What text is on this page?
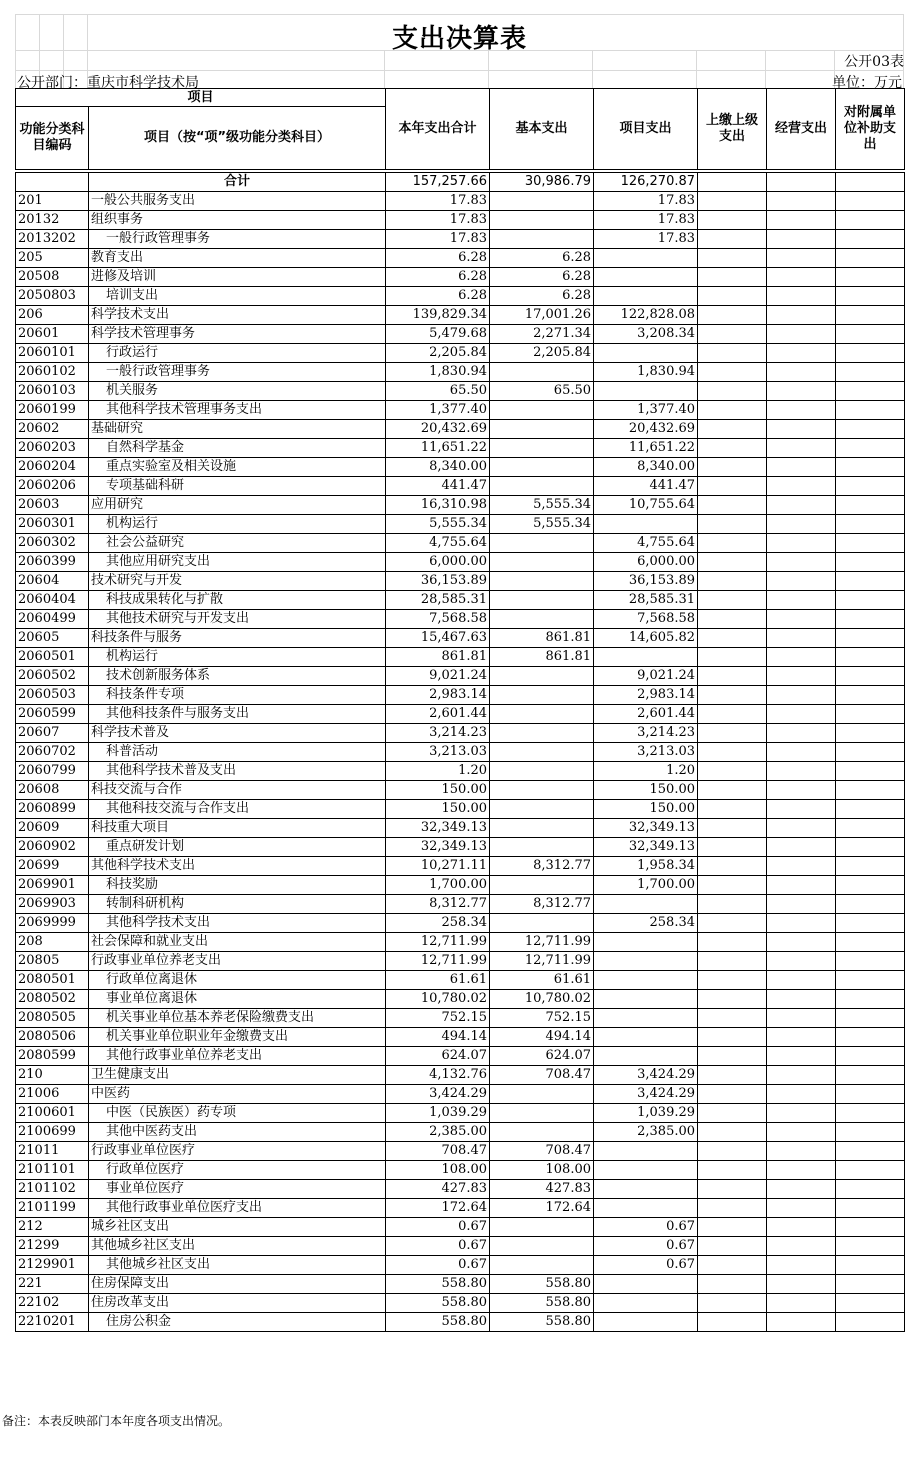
支出决算表
公开03表
公开部门：重庆市科学技术局	单位：万元
项目		本年支出合计	基本支出	项目支出	上缴上级支出	经营支出	对附属单位补助支出
功能分类科目编码	项目（按“项”级功能分类科目）						

	合计	157,257.66	30,986.79	126,270.87			
201	一般公共服务支出	17.83		17.83			
20132	组织事务	17.83		17.83			
2013202	一般行政管理事务	17.83		17.83			
205	教育支出	6.28	6.28				
20508	进修及培训	6.28	6.28				
2050803	培训支出	6.28	6.28				
206	科学技术支出	139,829.34	17,001.26	122,828.08			
20601	科学技术管理事务	5,479.68	2,271.34	3,208.34			
2060101	行政运行	2,205.84	2,205.84				
2060102	一般行政管理事务	1,830.94		1,830.94			
2060103	机关服务	65.50	65.50				
2060199	其他科学技术管理事务支出	1,377.40		1,377.40			
20602	基础研究	20,432.69		20,432.69			
2060203	自然科学基金	11,651.22		11,651.22			
2060204	重点实验室及相关设施	8,340.00		8,340.00			
2060206	专项基础科研	441.47		441.47			
20603	应用研究	16,310.98	5,555.34	10,755.64			
2060301	机构运行	5,555.34	5,555.34				
2060302	社会公益研究	4,755.64		4,755.64			
2060399	其他应用研究支出	6,000.00		6,000.00			
20604	技术研究与开发	36,153.89		36,153.89			
2060404	科技成果转化与扩散	28,585.31		28,585.31			
2060499	其他技术研究与开发支出	7,568.58		7,568.58			
20605	科技条件与服务	15,467.63	861.81	14,605.82			
2060501	机构运行	861.81	861.81				
2060502	技术创新服务体系	9,021.24		9,021.24			
2060503	科技条件专项	2,983.14		2,983.14			
2060599	其他科技条件与服务支出	2,601.44		2,601.44			
20607	科学技术普及	3,214.23		3,214.23			
2060702	科普活动	3,213.03		3,213.03			
2060799	其他科学技术普及支出	1.20		1.20			
20608	科技交流与合作	150.00		150.00			
2060899	其他科技交流与合作支出	150.00		150.00			
20609	科技重大项目	32,349.13		32,349.13			
2060902	重点研发计划	32,349.13		32,349.13			
20699	其他科学技术支出	10,271.11	8,312.77	1,958.34			
2069901	科技奖励	1,700.00		1,700.00			
2069903	转制科研机构	8,312.77	8,312.77				
2069999	其他科学技术支出	258.34		258.34			
208	社会保障和就业支出	12,711.99	12,711.99				
20805	行政事业单位养老支出	12,711.99	12,711.99				
2080501	行政单位离退休	61.61	61.61				
2080502	事业单位离退休	10,780.02	10,780.02				
2080505	机关事业单位基本养老保险缴费支出	752.15	752.15				
2080506	机关事业单位职业年金缴费支出	494.14	494.14				
2080599	其他行政事业单位养老支出	624.07	624.07				
210	卫生健康支出	4,132.76	708.47	3,424.29			
21006	中医药	3,424.29		3,424.29			
2100601	中医（民族医）药专项	1,039.29		1,039.29			
2100699	其他中医药支出	2,385.00		2,385.00			
21011	行政事业单位医疗	708.47	708.47				
2101101	行政单位医疗	108.00	108.00				
2101102	事业单位医疗	427.83	427.83				
2101199	其他行政事业单位医疗支出	172.64	172.64				
212	城乡社区支出	0.67		0.67			
21299	其他城乡社区支出	0.67		0.67			
2129901	其他城乡社区支出	0.67		0.67			
221	住房保障支出	558.80	558.80				
22102	住房改革支出	558.80	558.80				
2210201	住房公积金	558.80	558.80				
备注：本表反映部门本年度各项支出情况。
